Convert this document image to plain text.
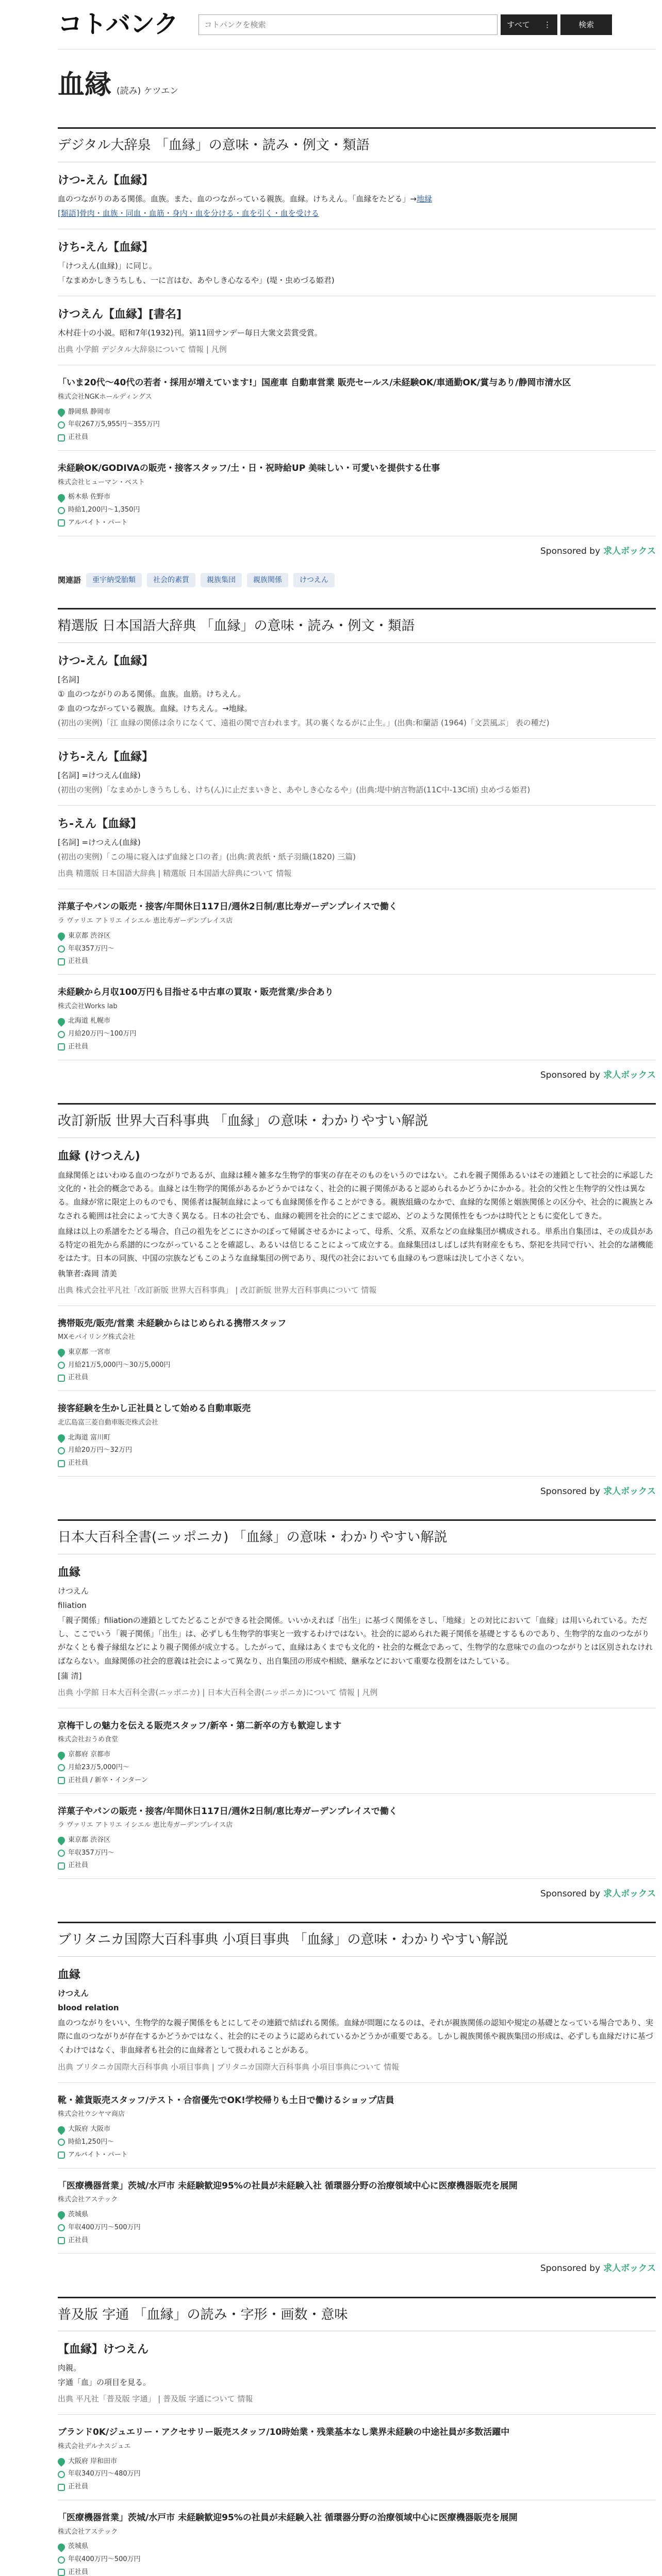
コトバンク
コトバンクを検索	すべて ⋮	検索
血縁 (読み) ケツエン
デジタル大辞泉 「血縁」の意味・読み・例文・類語
けつ‐えん【血縁】

血のつながりのある関係。血族。また、血のつながっている親族。血縁。けちえん。「血縁をたどる」→地縁

[類語]骨肉・血族・同血・血筋・身内・血を分ける・血を引く・血を受ける

けち‐えん【血縁】

「けつえん(血縁)」に同じ。

「なまめかしきうちしも、一に言はむ、あやしき心なるや」(堤・虫めづる姫君)

けつえん【血縁】[書名]

木村荘十の小説。昭和7年(1932)刊。第11回サンデー毎日大衆文芸賞受賞。

出典 小学館 デジタル大辞泉について 情報 | 凡例

「いま20代〜40代の若者・採用が増えています!」国産車 自動車営業 販売セールス/未経験OK/車通勤OK/賞与あり/静岡市清水区
株式会社NGKホールディングス
静岡県 静岡市
年収267万5,955円〜355万円
正社員
未経験OK/GODIVAの販売・接客スタッフ/土・日・祝時給UP 美味しい・可愛いを提供する仕事
株式会社ヒューマン・ベスト
栃木県 佐野市
時給1,200円〜1,350円
アルバイト・パート
Sponsored by 求人ボックス
関連語	亜宇納受胎類	社会的素質	親族集団	親族関係	けつえん
精選版 日本国語大辞典 「血縁」の意味・読み・例文・類語
けつ‐えん【血縁】

[名詞]

① 血のつながりのある関係。血族。血筋。けちえん。

② 血のつながっている親族。血縁。けちえん。→地縁。

(初出の実例)「江 血縁の関係は余りになくて、遠祖の関で言われます。其の裏くなるがに止生。」(出典:和蘭語 (1964)「文芸風ぶ」 表の種だ)

けち‐えん【血縁】

[名詞] =けつえん(血縁)

(初出の実例)「なまめかしきうちしも、けち(ん)に止だまいきと、あやしき心なるや」(出典:堤中納言物語(11C中-13C頃) 虫めづる姫君)

ち‐えん【血縁】

[名詞] =けつえん(血縁)

(初出の実例)「この場に寝入はず血縁と口の者」(出典:黄表紙・紙子羽織(1820) 三篇)

出典 精選版 日本国語大辞典 | 精選版 日本国語大辞典について 情報

洋菓子やパンの販売・接客/年間休日117日/週休2日制/恵比寿ガーデンプレイスで働く
ラ ヴァリエ アトリエ イシエル 恵比寿ガーデンプレイス店
東京都 渋谷区
年収357万円〜
正社員
未経験から月収100万円も目指せる中古車の買取・販売営業/歩合あり
株式会社Works lab
北海道 札幌市
月給20万円〜100万円
正社員
Sponsored by 求人ボックス
改訂新版 世界大百科事典 「血縁」の意味・わかりやすい解説
血縁 (けつえん)

血縁関係とはいわゆる血のつながりであるが、血縁は種々雑多な生物学的事実の存在そのものをいうのではない。これを親子関係あるいはその連鎖として社会的に承認した文化的・社会的概念である。血縁とは生物学的関係があるかどうかではなく、社会的に親子関係があると認められるかどうかにかかる。社会的父性と生物学的父性は異なる。血縁が常に限定上のものでも、関係者は擬制血縁によっても血縁関係を作ることができる。親族組織のなかで、血縁的な関係と姻族関係との区分や、社会的に親族とみなされる範囲は社会によって大きく異なる。日本の社会でも、血縁の範囲を社会的にどこまで認め、どのような関係性をもつかは時代とともに変化してきた。

血縁は以上の系譜をたどる場合、自己の祖先をどこにさかのぼって帰属させるかによって、母系、父系、双系などの血縁集団が構成される。単系出自集団は、その成員がある特定の祖先から系譜的につながっていることを確認し、あるいは信じることによって成立する。血縁集団はしばしば共有財産をもち、祭祀を共同で行い、社会的な諸機能をはたす。日本の同族、中国の宗族などもこのような血縁集団の例であり、現代の社会においても血縁のもつ意味は決して小さくない。

執筆者:森岡 清美

出典 株式会社平凡社「改訂新版 世界大百科事典」 | 改訂新版 世界大百科事典について 情報

携帯販売/販売/営業 未経験からはじめられる携帯スタッフ
MXモバイリング株式会社
東京都 一宮市
月給21万5,000円〜30万5,000円
正社員
接客経験を生かし正社員として始める自動車販売
北広島富三菱自動車販売株式会社
北海道 富川町
月給20万円〜32万円
正社員
Sponsored by 求人ボックス
日本大百科全書(ニッポニカ) 「血縁」の意味・わかりやすい解説
血縁

けつえん

filiation

「親子関係」filiationの連鎖としてたどることができる社会関係。いいかえれば「出生」に基づく関係をさし、「地縁」との対比において「血縁」は用いられている。ただし、ここでいう「親子関係」「出生」は、必ずしも生物学的事実と一致するわけではない。社会的に認められた親子関係を基礎とするものであり、生物学的な血のつながりがなくとも養子縁組などにより親子関係が成立する。したがって、血縁はあくまでも文化的・社会的な概念であって、生物学的な意味での血のつながりとは区別されなければならない。血縁関係の社会的意義は社会によって異なり、出自集団の形成や相続、継承などにおいて重要な役割をはたしている。

[蒲 清]

出典 小学館 日本大百科全書(ニッポニカ) | 日本大百科全書(ニッポニカ)について 情報 | 凡例

京梅干しの魅力を伝える販売スタッフ/新卒・第二新卒の方も歓迎します
株式会社おうめ食堂
京都府 京都市
月給23万5,000円〜
正社員 / 新卒・インターン
洋菓子やパンの販売・接客/年間休日117日/週休2日制/恵比寿ガーデンプレイスで働く
ラ ヴァリエ アトリエ イシエル 恵比寿ガーデンプレイス店
東京都 渋谷区
年収357万円〜
正社員
Sponsored by 求人ボックス
ブリタニカ国際大百科事典 小項目事典 「血縁」の意味・わかりやすい解説
血縁

けつえん

blood relation

血のつながりをいい、生物学的な親子関係をもとにしてその連鎖で結ばれる関係。血縁が問題になるのは、それが親族関係の認知や規定の基礎となっている場合であり、実際に血のつながりが存在するかどうかではなく、社会的にそのように認められているかどうかが重要である。しかし親族関係や親族集団の形成は、必ずしも血縁だけに基づくわけではなく、非血縁者も社会的に血縁者として扱われることがある。

出典 ブリタニカ国際大百科事典 小項目事典 | ブリタニカ国際大百科事典 小項目事典について 情報

靴・雑貨販売スタッフ/テスト・合宿優先でOK!学校帰りも土日で働けるショップ店員
株式会社ウシヤマ商店
大阪府 大阪市
時給1,250円〜
アルバイト・パート
「医療機器営業」茨城/水戸市 未経験歓迎95%の社員が未経験入社 循環器分野の治療領域中心に医療機器販売を展開
株式会社アステック
茨城県
年収400万円〜500万円
正社員
Sponsored by 求人ボックス
普及版 字通 「血縁」の読み・字形・画数・意味
【血縁】けつえん

肉親。

字通「血」の項目を見る。

出典 平凡社「普及版 字通」 | 普及版 字通について 情報

ブランド0K/ジュエリー・アクセサリー販売スタッフ/10時始業・残業基本なし業界未経験の中途社員が多数活躍中
株式会社デルナスジュエ
大阪府 岸和田市
年収340万円〜480万円
正社員
「医療機器営業」茨城/水戸市 未経験歓迎95%の社員が未経験入社 循環器分野の治療領域中心に医療機器販売を展開
株式会社アステック
茨城県
年収400万円〜500万円
正社員
